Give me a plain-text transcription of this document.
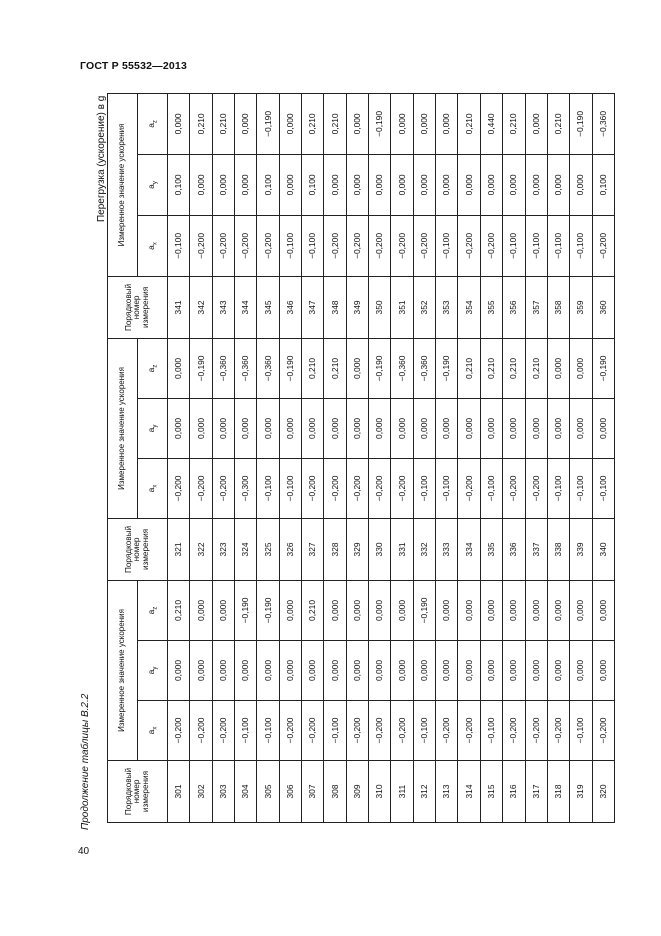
ГОСТ Р 55532—2013
Продолжение таблицы В.2.2
Перегрузка (ускорение) в g
40
Порядковый номер измерения	Измеренное значение ускорения			Порядковый номер измерения	Измеренное значение ускорения			Порядковый номер измерения	Измеренное значение ускорения		
	$a_x$	$a_y$	$a_z$		$a_x$	$a_y$	$a_z$		$a_x$	$a_y$	$a_z$
301	−0,200	0,000	0,210	321	−0,200	0,000	0,000	341	−0,100	0,100	0,000
302	−0,200	0,000	0,000	322	−0,200	0,000	−0,190	342	−0,200	0,000	0,210
303	−0,200	0,000	0,000	323	−0,200	0,000	−0,360	343	−0,200	0,000	0,210
304	−0,100	0,000	−0,190	324	−0,300	0,000	−0,360	344	−0,200	0,000	0,000
305	−0,100	0,000	−0,190	325	−0,100	0,000	−0,360	345	−0,200	0,100	−0,190
306	−0,200	0,000	0,000	326	−0,100	0,000	−0,190	346	−0,100	0,000	0,000
307	−0,200	0,000	0,210	327	−0,200	0,000	0,210	347	−0,100	0,100	0,210
308	−0,100	0,000	0,000	328	−0,200	0,000	0,210	348	−0,200	0,000	0,210
309	−0,200	0,000	0,000	329	−0,200	0,000	0,000	349	−0,200	0,000	0,000
310	−0,200	0,000	0,000	330	−0,200	0,000	−0,190	350	−0,200	0,000	−0,190
311	−0,200	0,000	0,000	331	−0,200	0,000	−0,360	351	−0,200	0,000	0,000
312	−0,100	0,000	−0,190	332	−0,100	0,000	−0,360	352	−0,200	0,000	0,000
313	−0,200	0,000	0,000	333	−0,100	0,000	−0,190	353	−0,100	0,000	0,000
314	−0,200	0,000	0,000	334	−0,200	0,000	0,210	354	−0,200	0,000	0,210
315	−0,100	0,000	0,000	335	−0,100	0,000	0,210	355	−0,200	0,000	0,440
316	−0,200	0,000	0,000	336	−0,200	0,000	0,210	356	−0,100	0,000	0,210
317	−0,200	0,000	0,000	337	−0,200	0,000	0,210	357	−0,100	0,000	0,000
318	−0,200	0,000	0,000	338	−0,100	0,000	0,000	358	−0,100	0,000	0,210
319	−0,100	0,000	0,000	339	−0,100	0,000	0,000	359	−0,100	0,000	−0,190
320	−0,200	0,000	0,000	340	−0,100	0,000	−0,190	360	−0,200	0,100	−0,360
